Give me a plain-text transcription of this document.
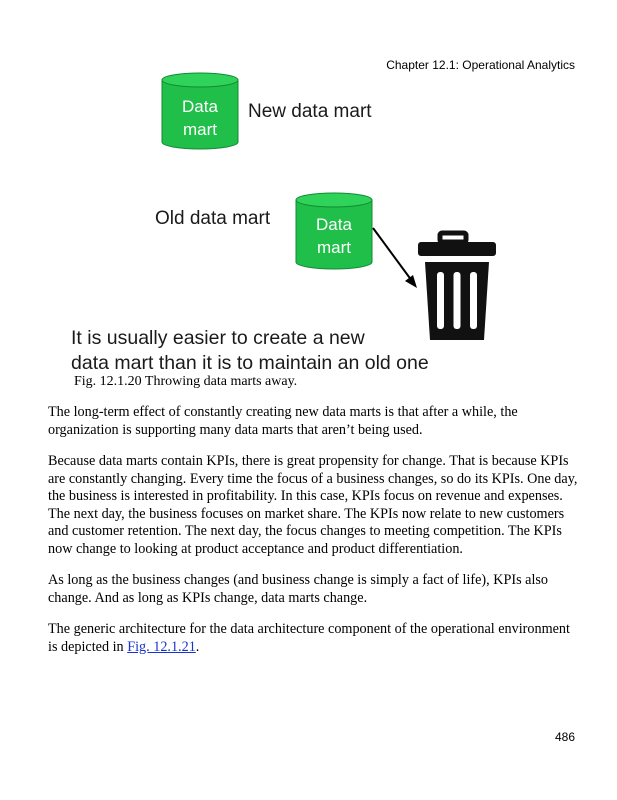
Chapter 12.1: Operational Analytics
Data
mart
Data
mart
New data mart
Old data mart
It is usually easier to create a new
data mart than it is to maintain an old one
Fig. 12.1.20 Throwing data marts away.

The long-term effect of constantly creating new data marts is that after a while, the organization is supporting many data marts that aren’t being used.

Because data marts contain KPIs, there is great propensity for change. That is because KPIs are constantly changing. Every time the focus of a business changes, so do its KPIs. One day, the business is interested in profitability. In this case, KPIs focus on revenue and expenses. The next day, the business focuses on market share. The KPIs now relate to new customers and customer retention. The next day, the focus changes to meeting competition. The KPIs now change to looking at product acceptance and product differentiation.

As long as the business changes (and business change is simply a fact of life), KPIs also change. And as long as KPIs change, data marts change.

The generic architecture for the data architecture component of the operational environment is depicted in Fig. 12.1.21.

486
